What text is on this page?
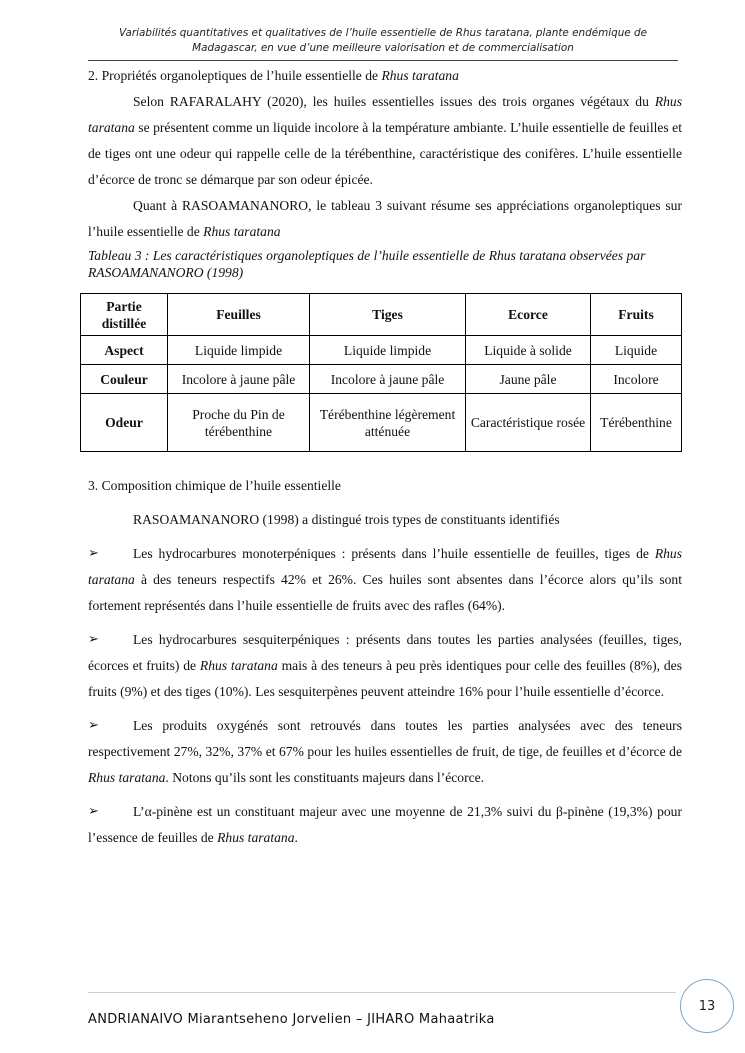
Variabilités quantitatives et qualitatives de l’huile essentielle de Rhus taratana, plante endémique de
Madagascar, en vue d’une meilleure valorisation et de commercialisation

2. Propriétés organoleptiques de l’huile essentielle de Rhus taratana

Selon RAFARALAHY (2020), les huiles essentielles issues des trois organes végétaux du Rhus taratana se présentent comme un liquide incolore à la température ambiante. L’huile essentielle de feuilles et de tiges ont une odeur qui rappelle celle de la térébenthine, caractéristique des conifères. L’huile essentielle d’écorce de tronc se démarque par son odeur épicée.

Quant à RASOAMANANORO, le tableau 3 suivant résume ses appréciations organoleptiques sur l’huile essentielle de Rhus taratana

Tableau 3 : Les caractéristiques organoleptiques de l’huile essentielle de Rhus taratana observées par RASOAMANANORO (1998)

Partie distillée	Feuilles	Tiges	Ecorce	Fruits
Aspect	Liquide limpide	Liquide limpide	Liquide à solide	Liquide
Couleur	Incolore à jaune pâle	Incolore à jaune pâle	Jaune pâle	Incolore
Odeur	Proche du Pin de térébenthine	Térébenthine légèrement atténuée	Caractéristique rosée	Térébenthine

3. Composition chimique de l’huile essentielle

RASOAMANANORO (1998) a distingué trois types de constituants identifiés

➢	Les hydrocarbures monoterpéniques : présents dans l’huile essentielle de feuilles, tiges de Rhus taratana à des teneurs respectifs 42% et 26%. Ces huiles sont absentes dans l’écorce alors qu’ils sont fortement représentés dans l’huile essentielle de fruits avec des rafles (64%).

➢	Les hydrocarbures sesquiterpéniques : présents dans toutes les parties analysées (feuilles, tiges, écorces et fruits) de Rhus taratana mais à des teneurs à peu près identiques pour celle des feuilles (8%), des fruits (9%) et des tiges (10%). Les sesquiterpènes peuvent atteindre 16% pour l’huile essentielle d’écorce.

➢	Les produits oxygénés sont retrouvés dans toutes les parties analysées avec des teneurs respectivement 27%, 32%, 37% et 67% pour les huiles essentielles de fruit, de tige, de feuilles et d’écorce de Rhus taratana. Notons qu’ils sont les constituants majeurs dans l’écorce.

➢	L’α-pinène est un constituant majeur avec une moyenne de 21,3% suivi du β-pinène (19,3%) pour l’essence de feuilles de Rhus taratana.

ANDRIANAIVO Miarantseheno Jorvelien – JIHARO Mahaatrika
13
